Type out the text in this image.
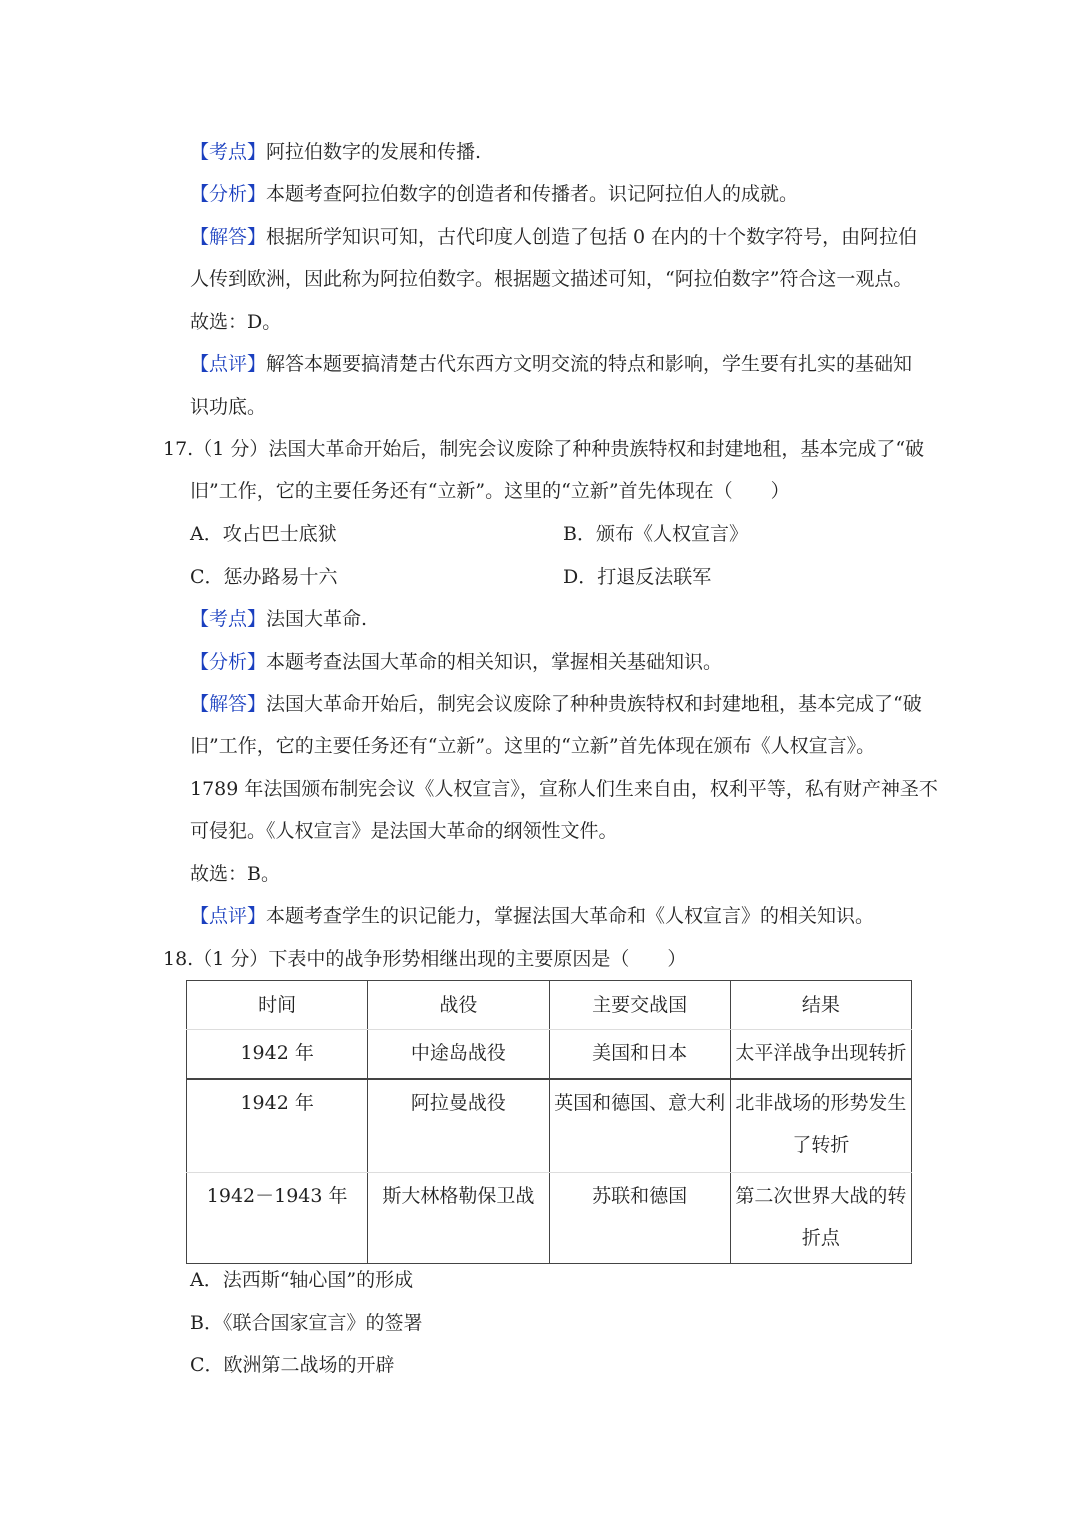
【考点】阿拉伯数字的发展和传播.
【分析】本题考查阿拉伯数字的创造者和传播者。识记阿拉伯人的成就。
【解答】根据所学知识可知，古代印度人创造了包括 0 在内的十个数字符号，由阿拉伯
人传到欧洲，因此称为阿拉伯数字。根据题文描述可知，“阿拉伯数字”符合这一观点。
故选：D。
【点评】解答本题要搞清楚古代东西方文明交流的特点和影响，学生要有扎实的基础知
识功底。
17.（1 分）法国大革命开始后，制宪会议废除了种种贵族特权和封建地租，基本完成了“破
旧”工作，它的主要任务还有“立新”。这里的“立新”首先体现在（　　）
A．攻占巴士底狱	B．颁布《人权宣言》
C．惩办路易十六	D．打退反法联军
【考点】法国大革命.
【分析】本题考查法国大革命的相关知识，掌握相关基础知识。
【解答】法国大革命开始后，制宪会议废除了种种贵族特权和封建地租，基本完成了“破
旧”工作，它的主要任务还有“立新”。这里的“立新”首先体现在颁布《人权宣言》。
1789 年法国颁布制宪会议《人权宣言》，宣称人们生来自由，权利平等，私有财产神圣不
可侵犯。《人权宣言》是法国大革命的纲领性文件。
故选：B。
【点评】本题考查学生的识记能力，掌握法国大革命和《人权宣言》的相关知识。
18.（1 分）下表中的战争形势相继出现的主要原因是（　　）
时间	战役	主要交战国	结果
1942 年	中途岛战役	美国和日本	太平洋战争出现转折
1942 年	阿拉曼战役	英国和德国、意大利	北非战场的形势发生
了转折

1942－1943 年	斯大林格勒保卫战	苏联和德国	第二次世界大战的转
折点
A．法西斯“轴心国”的形成
B．《联合国家宣言》的签署
C．欧洲第二战场的开辟
